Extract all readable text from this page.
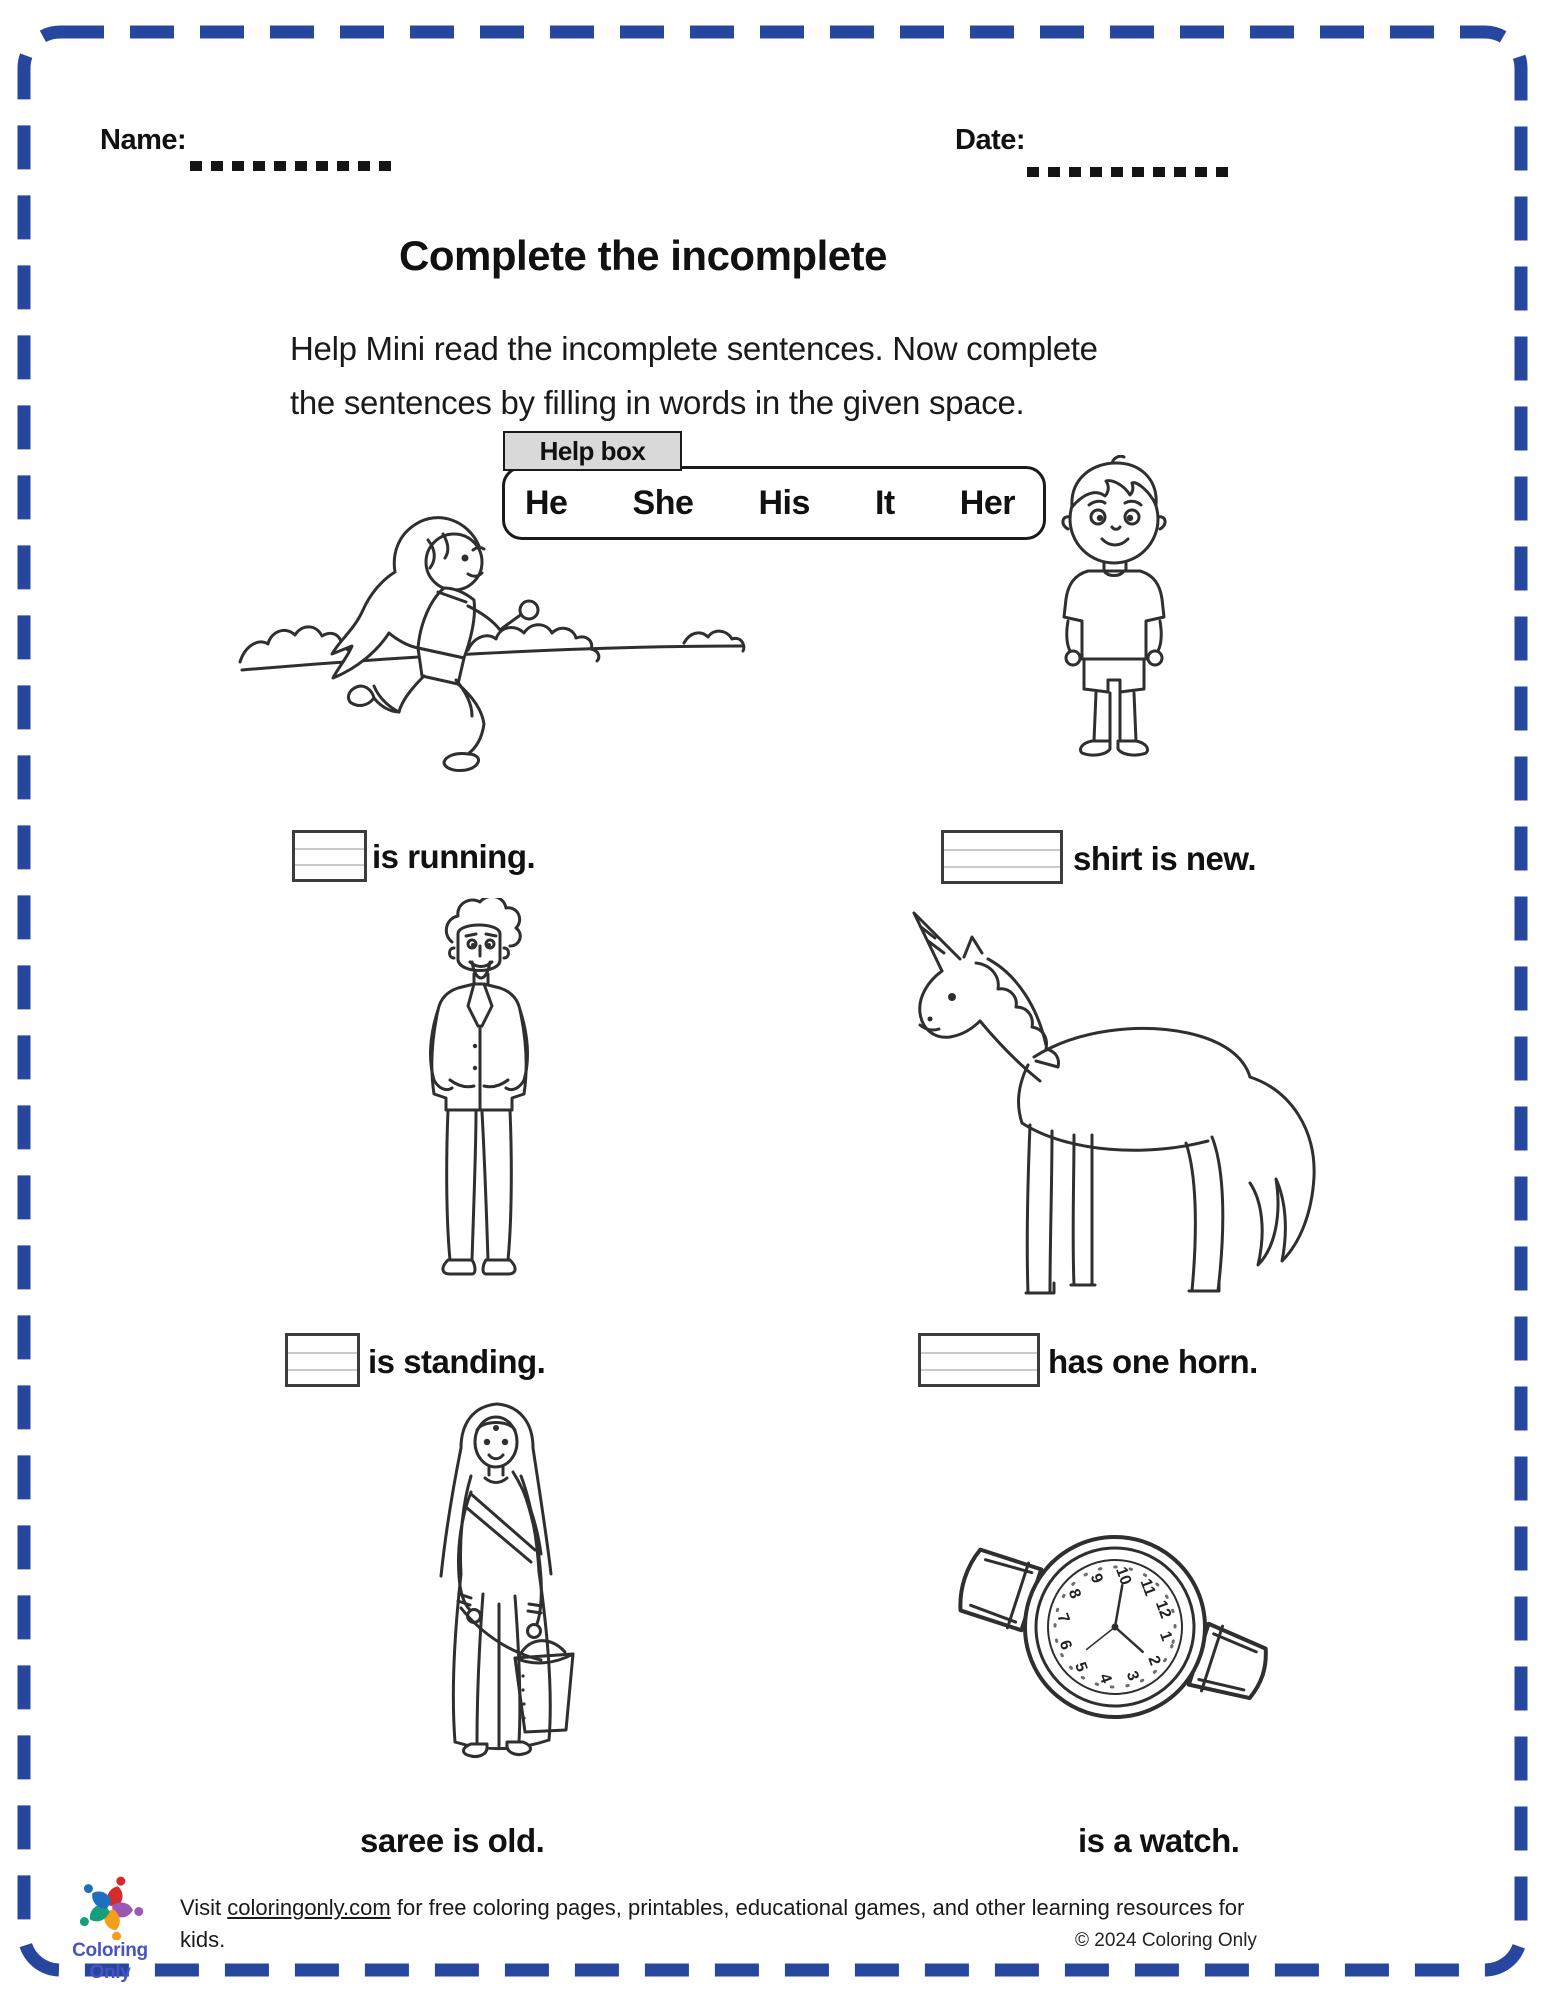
Name:	Date:
Complete the incomplete
Help Mini read the incomplete sentences. Now complete
the sentences by filling in words in the given space.
Help box
He She His It Her
is running.	shirt is new.
is standing.	has one horn.
1
2
3
4
5
6
7
8
9 10
11
12
saree is old.	is a watch.
Coloring Only
Visit coloringonly.com for free coloring pages, printables, educational games, and other learning resources for
kids.	© 2024 Coloring Only
